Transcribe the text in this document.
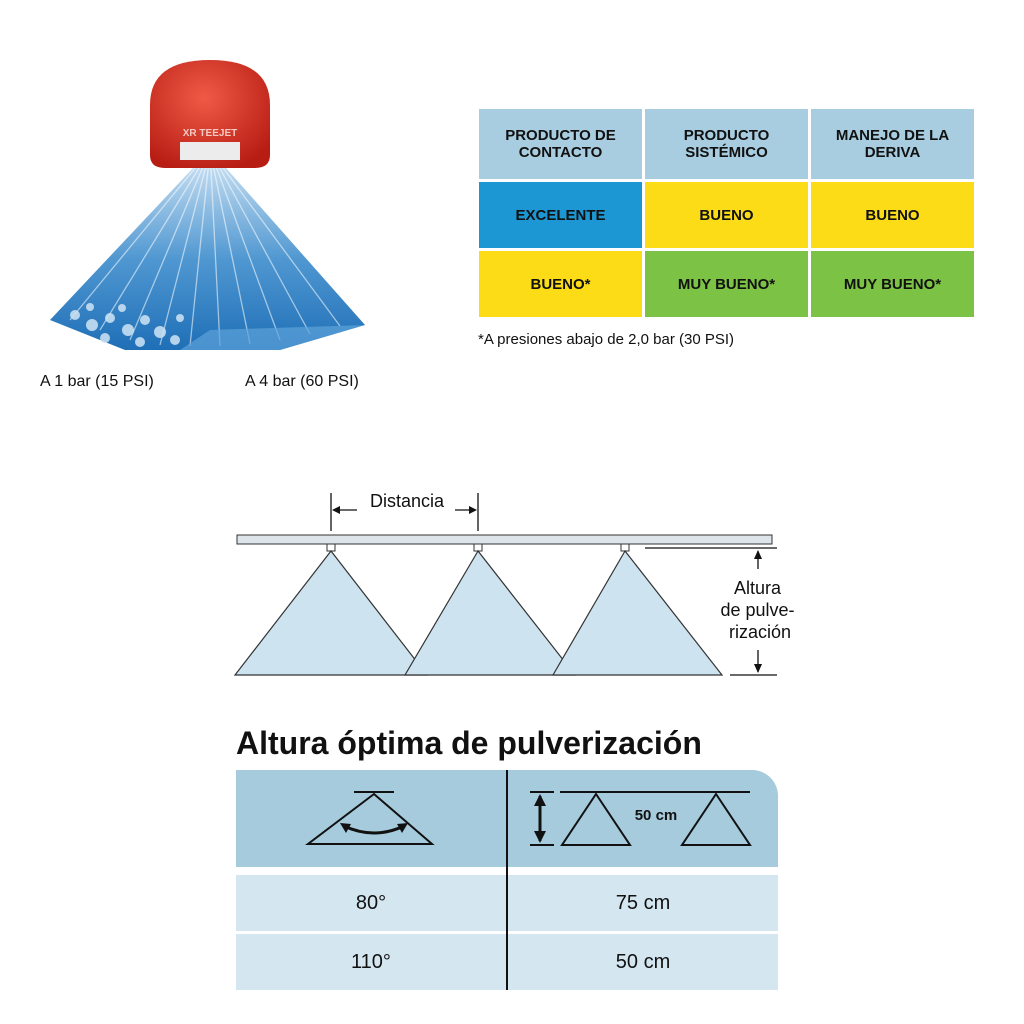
XR TEEJET
A 1 bar (15 PSI)	A 4 bar (60 PSI)
PRODUCTO DE CONTACTO	PRODUCTO SISTÉMICO	MANEJO DE LA DERIVA
EXCELENTE	BUENO	BUENO
BUENO*	MUY BUENO*	MUY BUENO*
*A presiones abajo de 2,0 bar (30 PSI)
Distancia
Altura de pulve- rización
Altura óptima de pulverización
50 cm
80°	75 cm
110°	50 cm
